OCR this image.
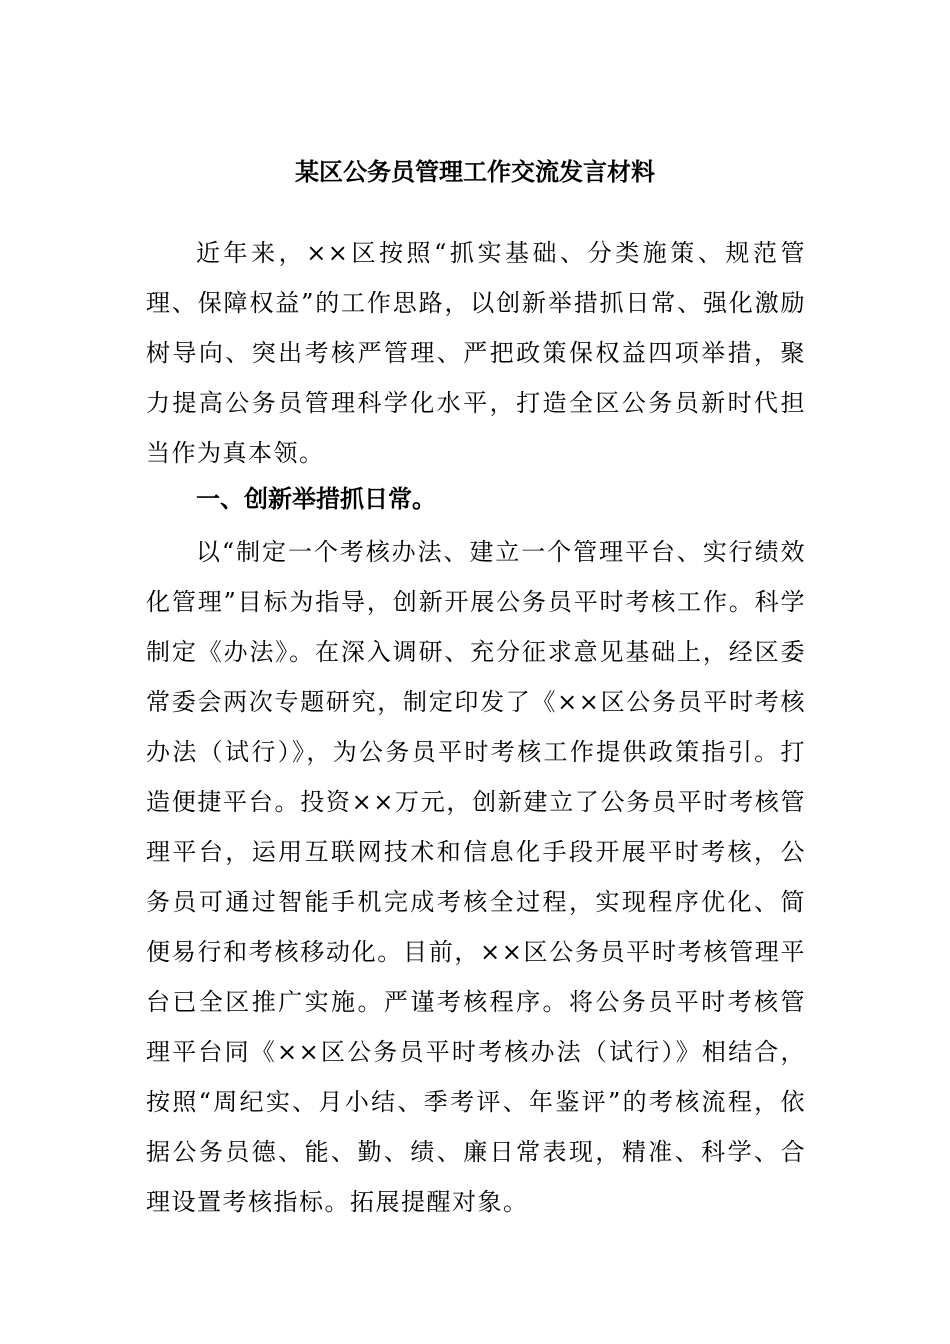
某区公务员管理工作交流发言材料

近年来，××区按照“抓实基础、分类施策、规范管理、保障权益”的工作思路，以创新举措抓日常、强化激励树导向、突出考核严管理、严把政策保权益四项举措，聚力提高公务员管理科学化水平，打造全区公务员新时代担当作为真本领。

一、创新举措抓日常。

以“制定一个考核办法、建立一个管理平台、实行绩效化管理”目标为指导，创新开展公务员平时考核工作。科学制定《办法》。在深入调研、充分征求意见基础上，经区委常委会两次专题研究，制定印发了《××区公务员平时考核办法（试行）》，为公务员平时考核工作提供政策指引。打造便捷平台。投资××万元，创新建立了公务员平时考核管理平台，运用互联网技术和信息化手段开展平时考核，公务员可通过智能手机完成考核全过程，实现程序优化、简便易行和考核移动化。目前，××区公务员平时考核管理平台已全区推广实施。严谨考核程序。将公务员平时考核管理平台同《××区公务员平时考核办法（试行）》相结合，按照“周纪实、月小结、季考评、年鉴评”的考核流程，依据公务员德、能、勤、绩、廉日常表现，精准、科学、合理设置考核指标。拓展提醒对象。
